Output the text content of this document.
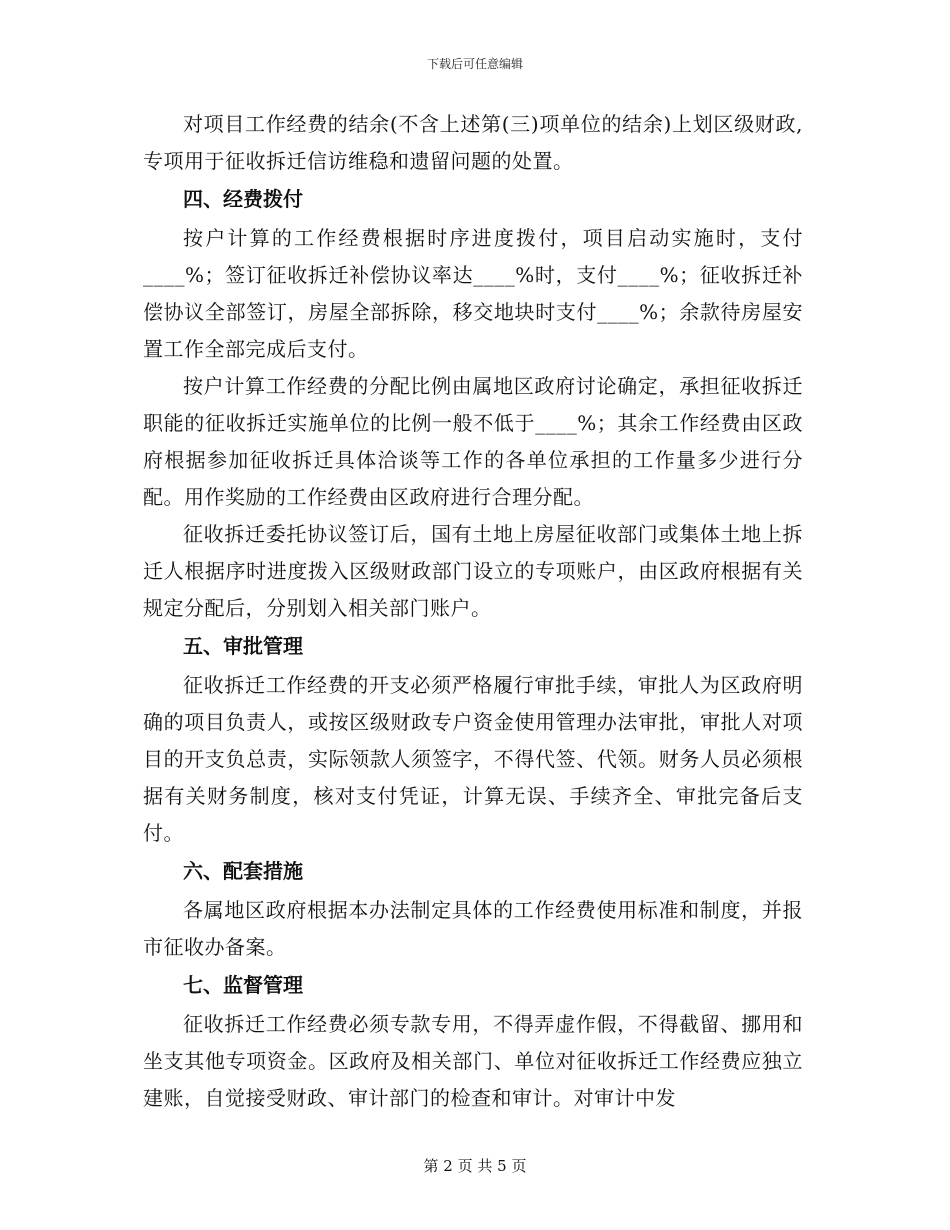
下载后可任意编辑

对项目工作经费的结余(不含上述第(三)项单位的结余)上划区级财政,专项用于征收拆迁信访维稳和遗留问题的处置。

四、经费拨付

按户计算的工作经费根据时序进度拨付，项目启动实施时，支付____%；签订征收拆迁补偿协议率达____%时，支付____%；征收拆迁补偿协议全部签订，房屋全部拆除，移交地块时支付____%；余款待房屋安置工作全部完成后支付。

按户计算工作经费的分配比例由属地区政府讨论确定，承担征收拆迁职能的征收拆迁实施单位的比例一般不低于____%；其余工作经费由区政府根据参加征收拆迁具体洽谈等工作的各单位承担的工作量多少进行分配。用作奖励的工作经费由区政府进行合理分配。

征收拆迁委托协议签订后，国有土地上房屋征收部门或集体土地上拆迁人根据序时进度拨入区级财政部门设立的专项账户，由区政府根据有关规定分配后，分别划入相关部门账户。

五、审批管理

征收拆迁工作经费的开支必须严格履行审批手续，审批人为区政府明确的项目负责人，或按区级财政专户资金使用管理办法审批，审批人对项目的开支负总责，实际领款人须签字，不得代签、代领。财务人员必须根据有关财务制度，核对支付凭证，计算无误、手续齐全、审批完备后支付。

六、配套措施

各属地区政府根据本办法制定具体的工作经费使用标准和制度，并报市征收办备案。

七、监督管理

征收拆迁工作经费必须专款专用，不得弄虚作假，不得截留、挪用和坐支其他专项资金。区政府及相关部门、单位对征收拆迁工作经费应独立建账，自觉接受财政、审计部门的检查和审计。对审计中发

第 2 页 共 5 页
